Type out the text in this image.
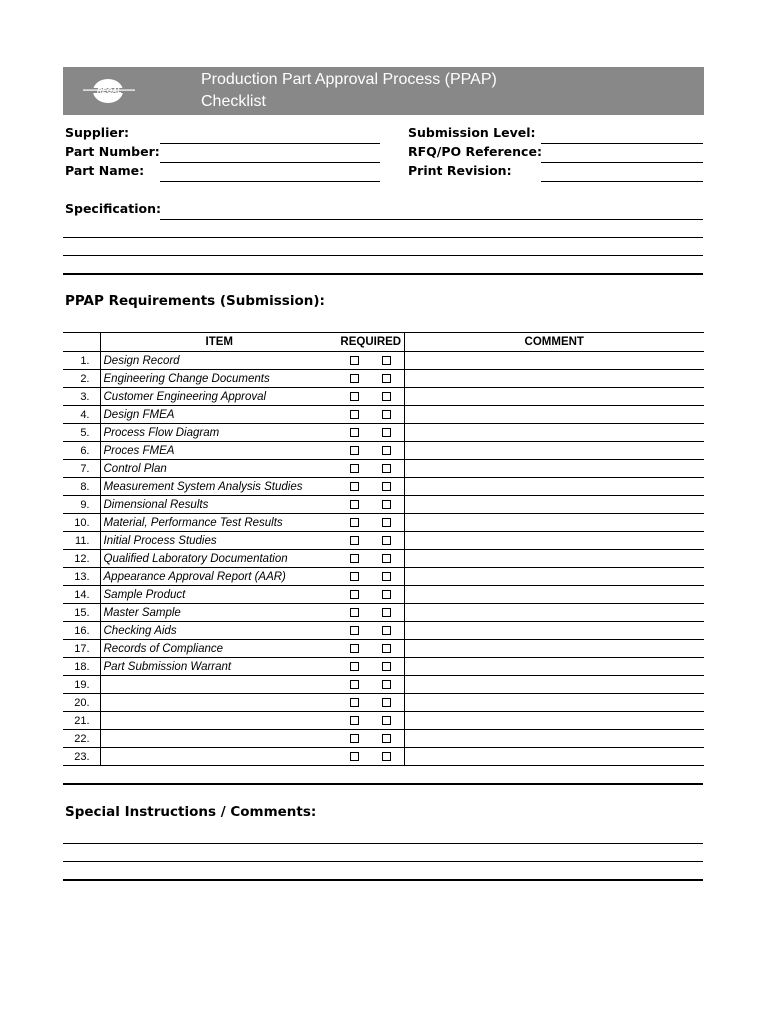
REGAL
Production Part Approval Process (PPAP)
Checklist
Supplier:
Part Number:
Part Name:
Submission Level:
RFQ/PO Reference:
Print Revision:
Specification:
PPAP Requirements (Submission):
	ITEM	REQUIRED		COMMENT
1.	Design Record			
2.	Engineering Change Documents			
3.	Customer Engineering Approval			
4.	Design FMEA			
5.	Process Flow Diagram			
6.	Proces FMEA			
7.	Control Plan			
8.	Measurement System Analysis Studies			
9.	Dimensional Results			
10.	Material, Performance Test Results			
11.	Initial Process Studies			
12.	Qualified Laboratory Documentation			
13.	Appearance Approval Report (AAR)			
14.	Sample Product			
15.	Master Sample			
16.	Checking Aids			
17.	Records of Compliance			
18.	Part Submission Warrant			
19.				
20.				
21.				
22.				
23.				
Special Instructions / Comments:
